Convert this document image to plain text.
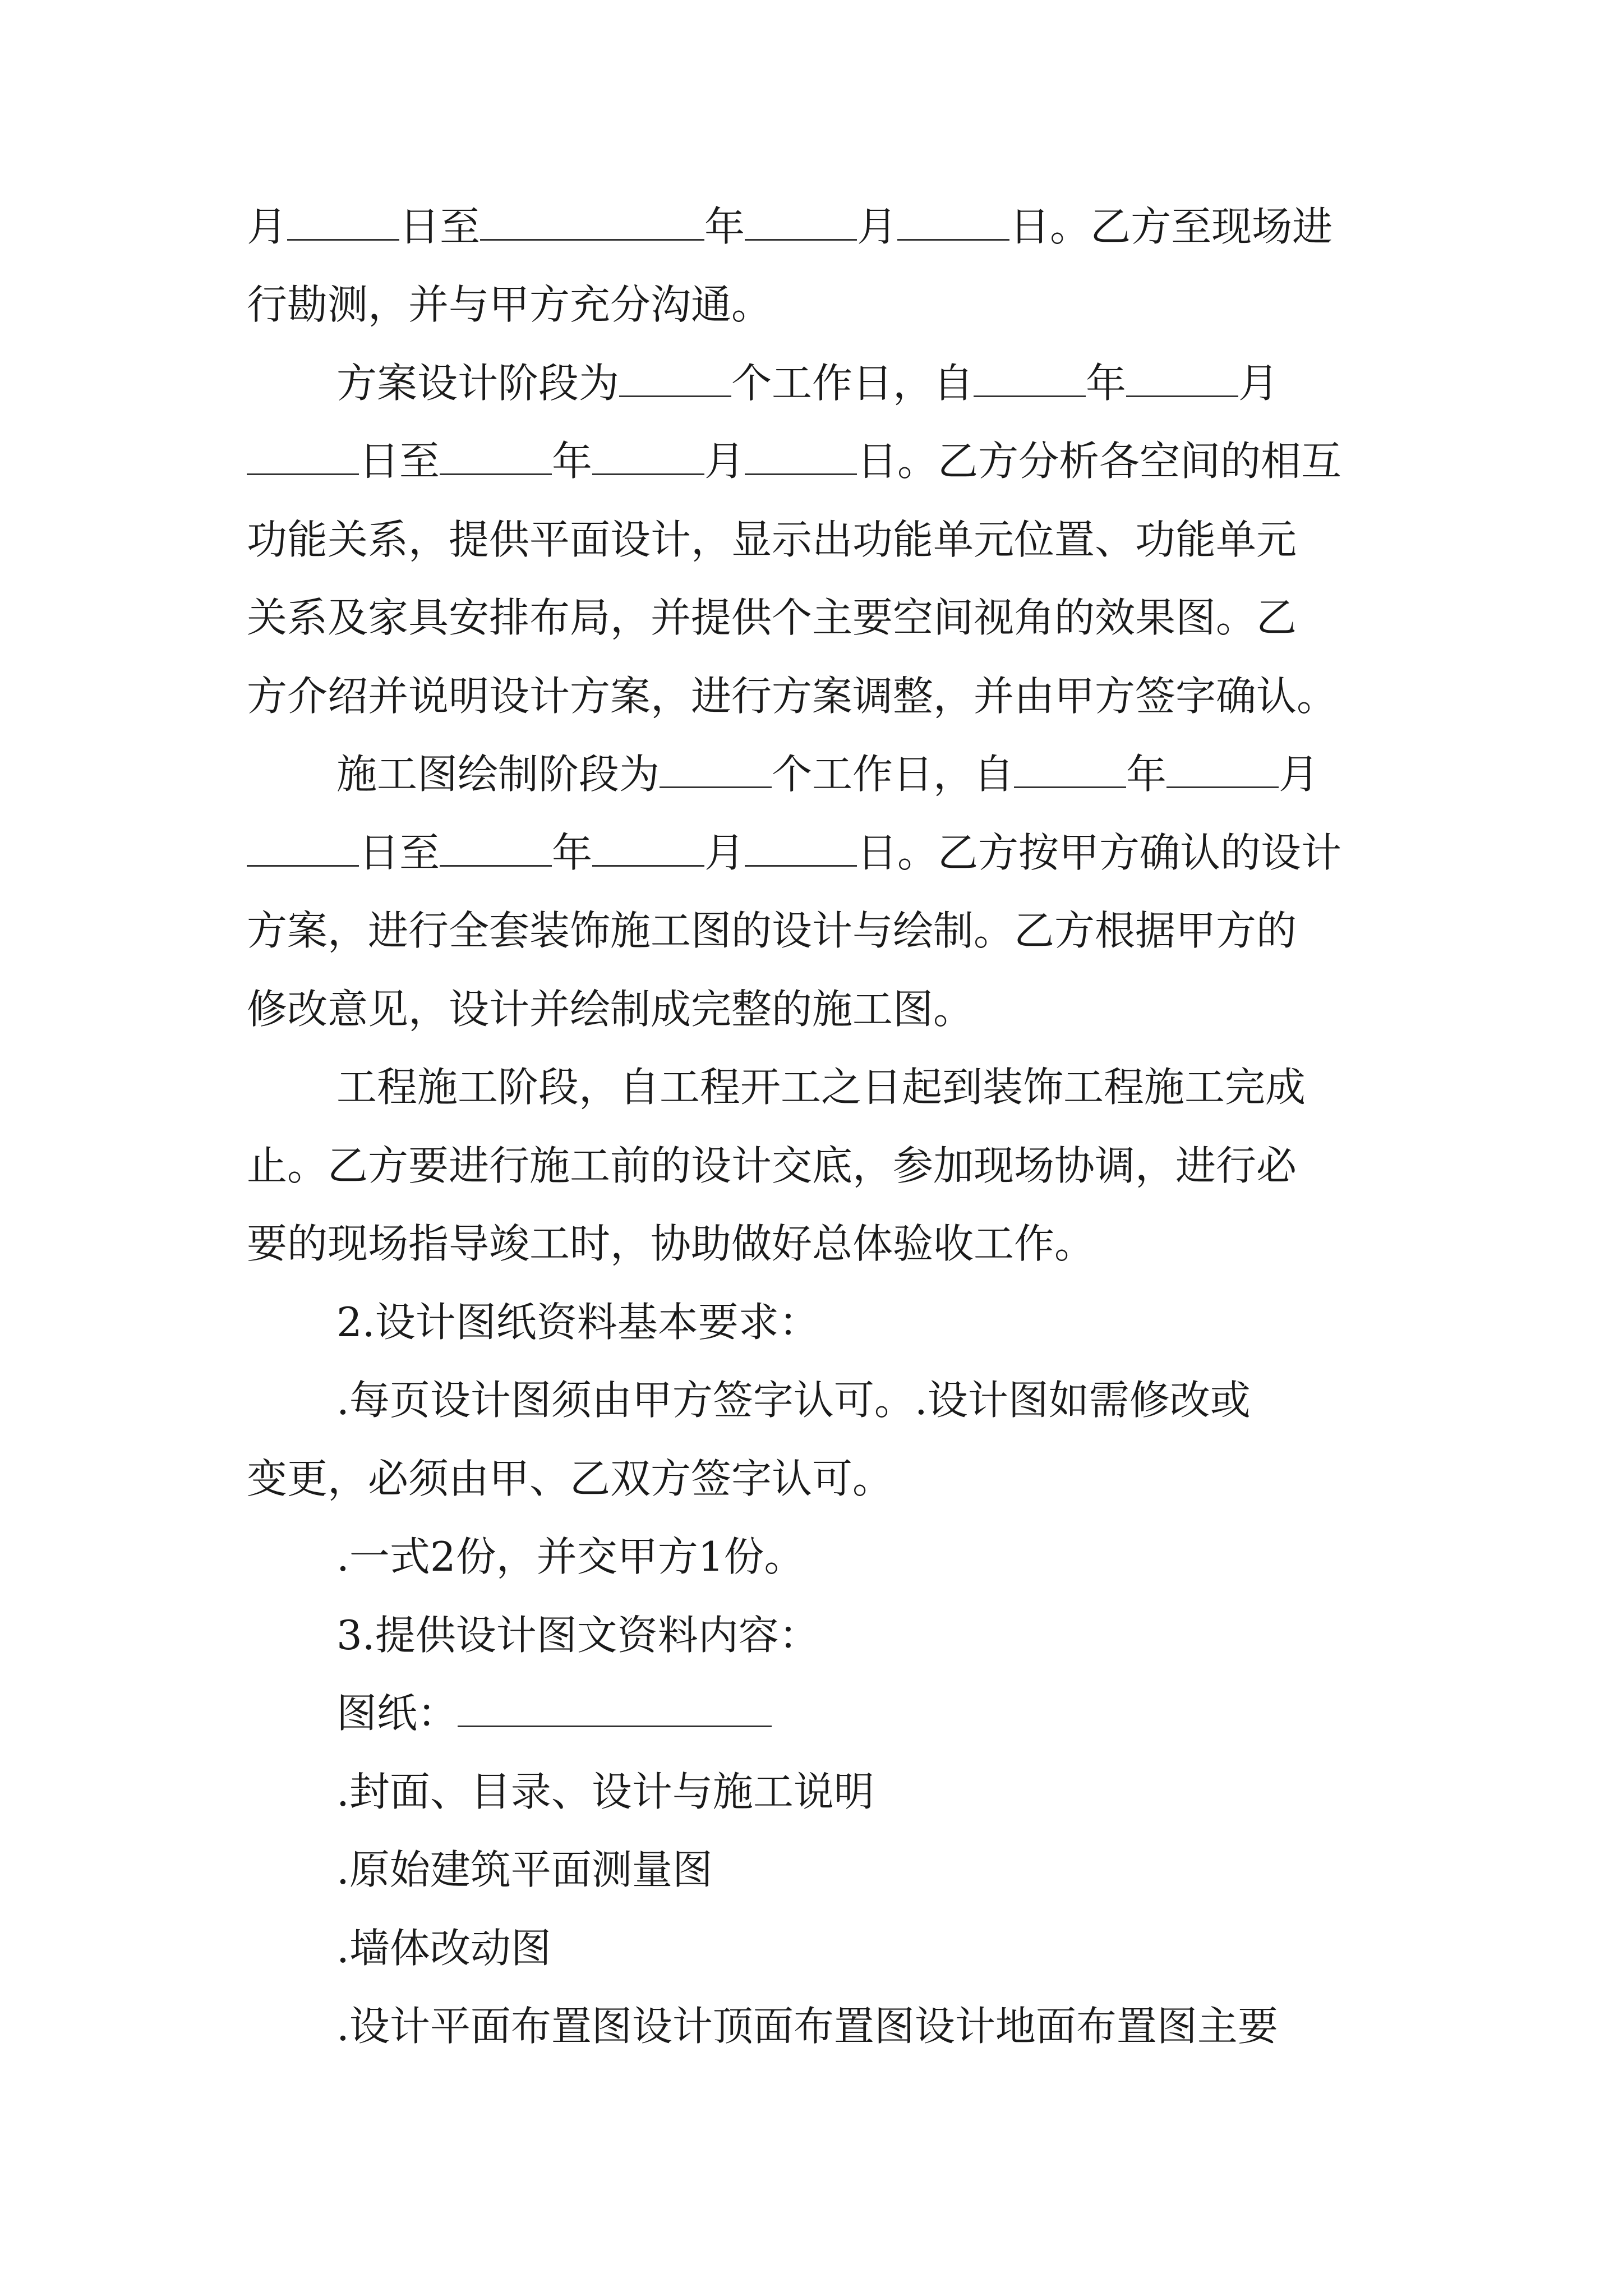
月	日至	年	月	日。乙方至现场进
行勘测，并与甲方充分沟通。
方案设计阶段为	个工作日，自	年	月
日至	年	月	日。乙方分析各空间的相互
功能关系，提供平面设计，显示出功能单元位置、功能单元
关系及家具安排布局，并提供个主要空间视角的效果图。乙
方介绍并说明设计方案，进行方案调整，并由甲方签字确认。
施工图绘制阶段为	个工作日，自	年	月
日至	年	月	日。乙方按甲方确认的设计
方案，进行全套装饰施工图的设计与绘制。乙方根据甲方的
修改意见，设计并绘制成完整的施工图。
工程施工阶段，自工程开工之日起到装饰工程施工完成
止。乙方要进行施工前的设计交底，参加现场协调，进行必
要的现场指导竣工时，协助做好总体验收工作。
2.设计图纸资料基本要求：
.每页设计图须由甲方签字认可。.设计图如需修改或
变更，必须由甲、乙双方签字认可。
.一式2份，并交甲方1份。
3.提供设计图文资料内容：
图纸：
.封面、目录、设计与施工说明
.原始建筑平面测量图
.墙体改动图
.设计平面布置图设计顶面布置图设计地面布置图主要
